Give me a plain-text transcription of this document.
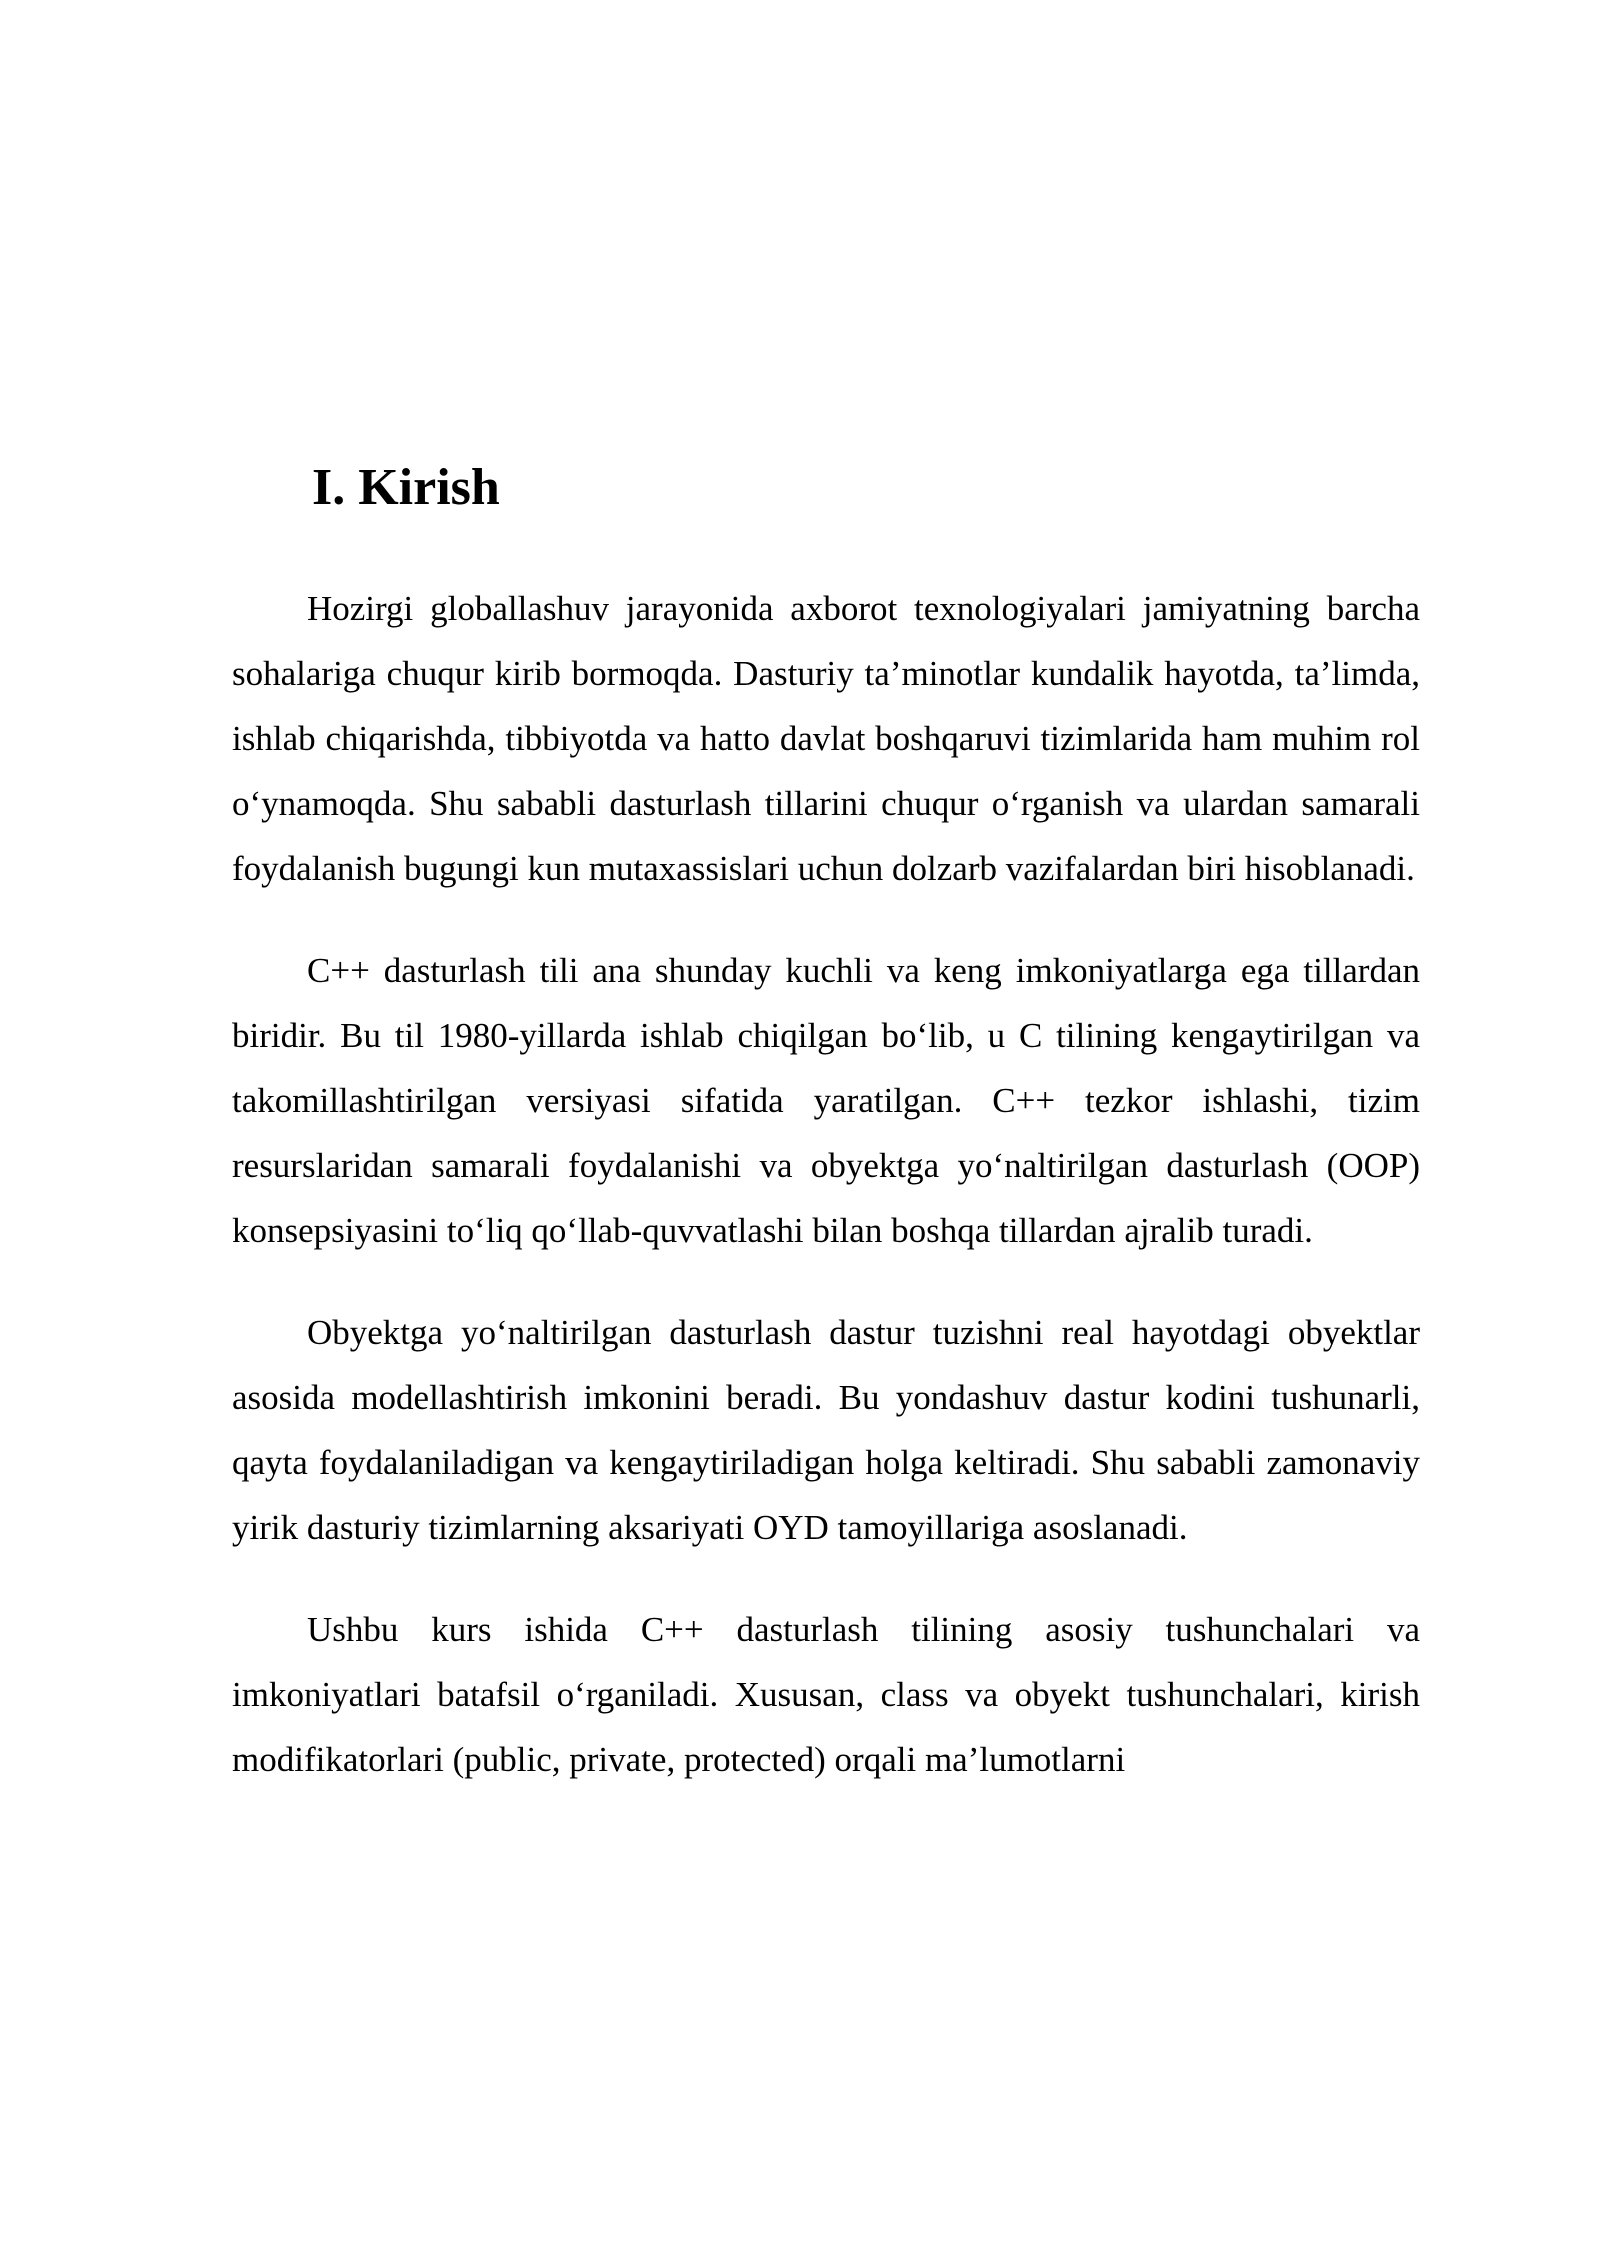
I. Kirish

Hozirgi globallashuv jarayonida axborot texnologiyalari jamiyatning barcha sohalariga chuqur kirib bormoqda. Dasturiy ta’minotlar kundalik hayotda, ta’limda, ishlab chiqarishda, tibbiyotda va hatto davlat boshqaruvi tizimlarida ham muhim rol o‘ynamoqda. Shu sababli dasturlash tillarini chuqur o‘rganish va ulardan samarali foydalanish bugungi kun mutaxassislari uchun dolzarb vazifalardan biri hisoblanadi.

C++ dasturlash tili ana shunday kuchli va keng imkoniyatlarga ega tillardan biridir. Bu til 1980-yillarda ishlab chiqilgan bo‘lib, u C tilining kengaytirilgan va takomillashtirilgan versiyasi sifatida yaratilgan. C++ tezkor ishlashi, tizim resurslaridan samarali foydalanishi va obyektga yo‘naltirilgan dasturlash (OOP) konsepsiyasini to‘liq qo‘llab-quvvatlashi bilan boshqa tillardan ajralib turadi.

Obyektga yo‘naltirilgan dasturlash dastur tuzishni real hayotdagi obyektlar asosida modellashtirish imkonini beradi. Bu yondashuv dastur kodini tushunarli, qayta foydalaniladigan va kengaytiriladigan holga keltiradi. Shu sababli zamonaviy yirik dasturiy tizimlarning aksariyati OYD tamoyillariga asoslanadi.

Ushbu kurs ishida C++ dasturlash tilining asosiy tushunchalari va imkoniyatlari batafsil o‘rganiladi. Xususan, class va obyekt tushunchalari, kirish modifikatorlari (public, private, protected) orqali ma’lumotlarni
